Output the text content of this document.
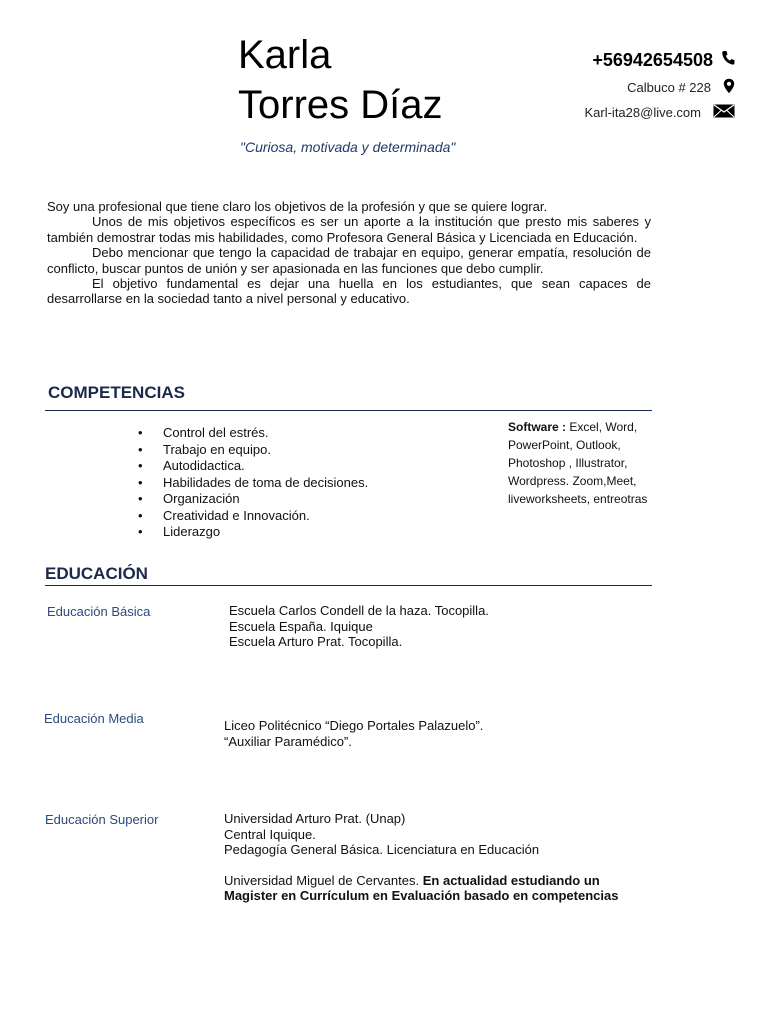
Karla
Torres Díaz
"Curiosa, motivada y determinada"
+56942654508
Calbuco # 228
Karl-ita28@live.com

Soy una profesional que tiene claro los objetivos de la profesión y que se quiere lograr.

Unos de mis objetivos específicos es ser un aporte a la institución que presto mis saberes y también demostrar todas mis habilidades, como Profesora General Básica y Licenciada en Educación.

Debo mencionar que tengo la capacidad de trabajar en equipo, generar empatía, resolución de conflicto, buscar puntos de unión y ser apasionada en las funciones que debo cumplir.

El objetivo fundamental es dejar una huella en los estudiantes, que sean capaces de desarrollarse en la sociedad tanto a nivel personal y educativo.

COMPETENCIAS
• Control del estrés.
• Trabajo en equipo.
• Autodidactica.
• Habilidades de toma de decisiones.
• Organización
• Creatividad e Innovación.
• Liderazgo
Software : Excel, Word, PowerPoint, Outlook, Photoshop , Illustrator, Wordpress. Zoom,Meet, liveworksheets, entreotras
EDUCACIÓN
Educación Básica	Escuela Carlos Condell de la haza. Tocopilla.
Escuela España. Iquique
Escuela Arturo Prat. Tocopilla.
Educación Media	Liceo Politécnico “Diego Portales Palazuelo”.
“Auxiliar Paramédico”.
Educación Superior	Universidad Arturo Prat. (Unap)
Central Iquique.
Pedagogía General Básica. Licenciatura en Educación
Universidad Miguel de Cervantes. En actualidad estudiando un Magister en Currículum en Evaluación basado en competencias
